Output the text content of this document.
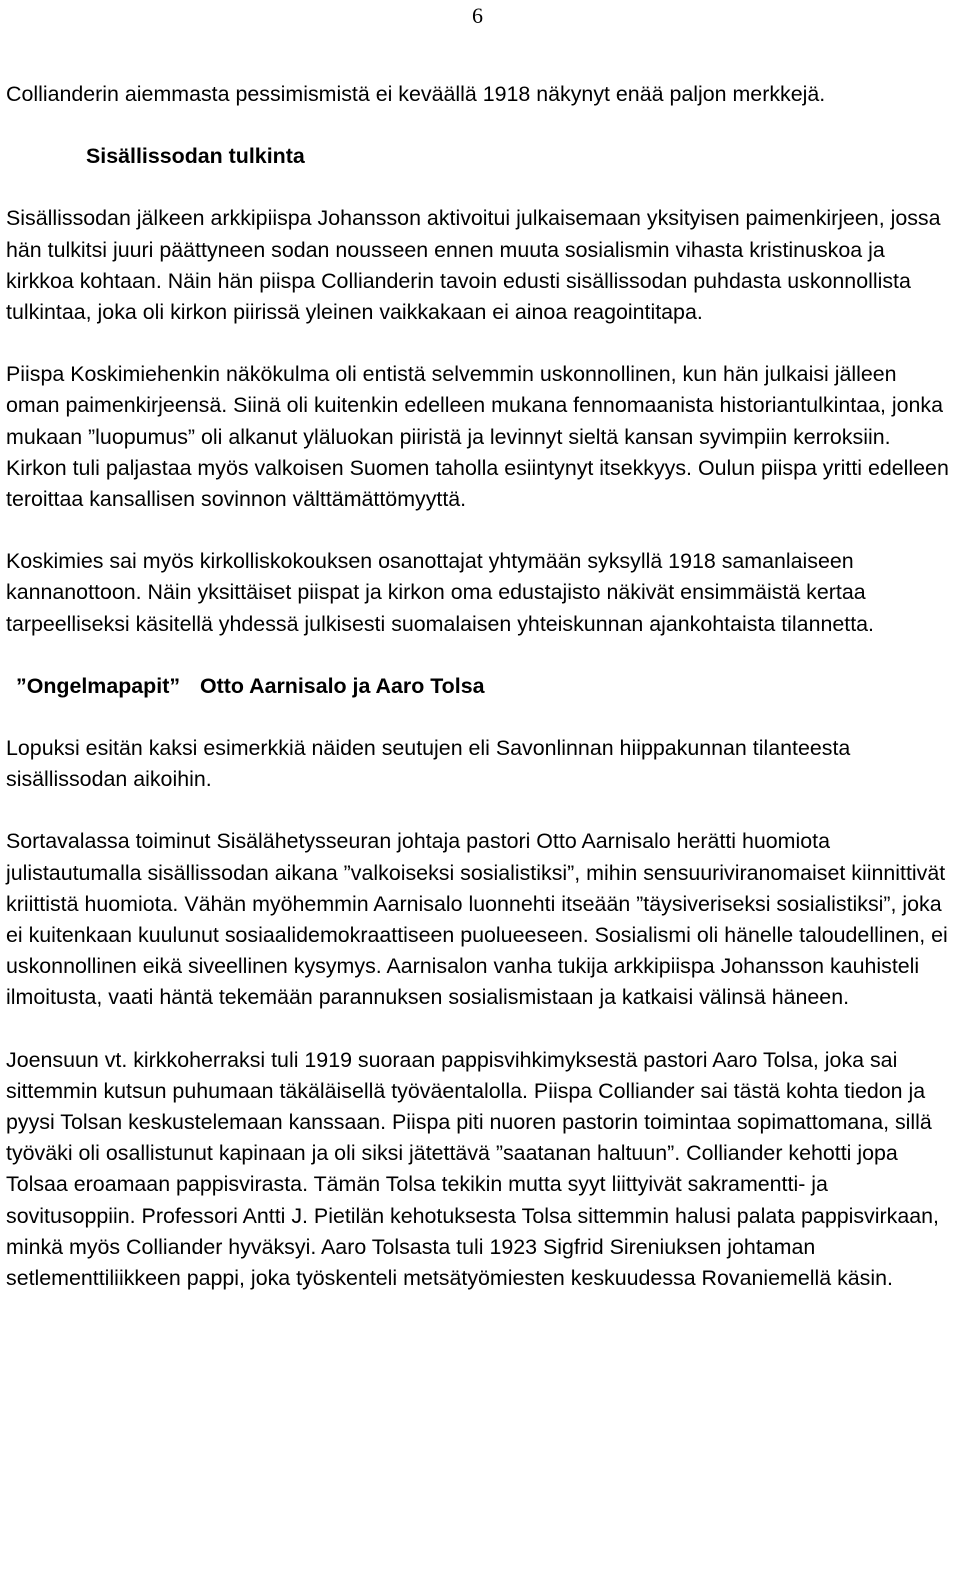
6

Collianderin aiemmasta pessimismistä ei keväällä 1918 näkynyt enää paljon merkkejä.

Sisällissodan tulkinta

Sisällissodan jälkeen arkkipiispa Johansson aktivoitui julkaisemaan yksityisen paimenkirjeen, jossa hän tulkitsi juuri päättyneen sodan nousseen ennen muuta sosialismin vihasta kristinuskoa ja kirkkoa kohtaan. Näin hän piispa Collianderin tavoin edusti sisällissodan puhdasta uskonnollista tulkintaa, joka oli kirkon piirissä yleinen vaikkakaan ei ainoa reagointitapa.

Piispa Koskimiehenkin näkökulma oli entistä selvemmin uskonnollinen, kun hän julkaisi jälleen oman paimenkirjeensä. Siinä oli kuitenkin edelleen mukana fennomaanista historiantulkintaa, jonka mukaan ”luopumus” oli alkanut yläluokan piiristä ja levinnyt sieltä kansan syvimpiin kerroksiin. Kirkon tuli paljastaa myös valkoisen Suomen taholla esiintynyt itsekkyys. Oulun piispa yritti edelleen teroittaa kansallisen sovinnon välttämättömyyttä.

Koskimies sai myös kirkolliskokouksen osanottajat yhtymään syksyllä 1918 samanlaiseen kannanottoon. Näin yksittäiset piispat ja kirkon oma edustajisto näkivät ensimmäistä kertaa tarpeelliseksi käsitellä yhdessä julkisesti suomalaisen yhteiskunnan ajankohtaista tilannetta.

”Ongelmapapit” Otto Aarnisalo ja Aaro Tolsa

Lopuksi esitän kaksi esimerkkiä näiden seutujen eli Savonlinnan hiippakunnan tilanteesta sisällissodan aikoihin.

Sortavalassa toiminut Sisälähetysseuran johtaja pastori Otto Aarnisalo herätti huomiota julistautumalla sisällissodan aikana ”valkoiseksi sosialistiksi”, mihin sensuuriviranomaiset kiinnittivät kriittistä huomiota. Vähän myöhemmin Aarnisalo luonnehti itseään ”täysiveriseksi sosialistiksi”, joka ei kuitenkaan kuulunut sosiaalidemokraattiseen puolueeseen. Sosialismi oli hänelle taloudellinen, ei uskonnollinen eikä siveellinen kysymys. Aarnisalon vanha tukija arkkipiispa Johansson kauhisteli ilmoitusta, vaati häntä tekemään parannuksen sosialismistaan ja katkaisi välinsä häneen.

Joensuun vt. kirkkoherraksi tuli 1919 suoraan pappisvihkimyksestä pastori Aaro Tolsa, joka sai sittemmin kutsun puhumaan täkäläisellä työväentalolla. Piispa Colliander sai tästä kohta tiedon ja pyysi Tolsan keskustelemaan kanssaan. Piispa piti nuoren pastorin toimintaa sopimattomana, sillä työväki oli osallistunut kapinaan ja oli siksi jätettävä ”saatanan haltuun”. Colliander kehotti jopa Tolsaa eroamaan pappisvirasta. Tämän Tolsa tekikin mutta syyt liittyivät sakramentti- ja sovitusoppiin. Professori Antti J. Pietilän kehotuksesta Tolsa sittemmin halusi palata pappisvirkaan, minkä myös Colliander hyväksyi. Aaro Tolsasta tuli 1923 Sigfrid Sireniuksen johtaman setlementtiliikkeen pappi, joka työskenteli metsätyömiesten keskuudessa Rovaniemellä käsin.
